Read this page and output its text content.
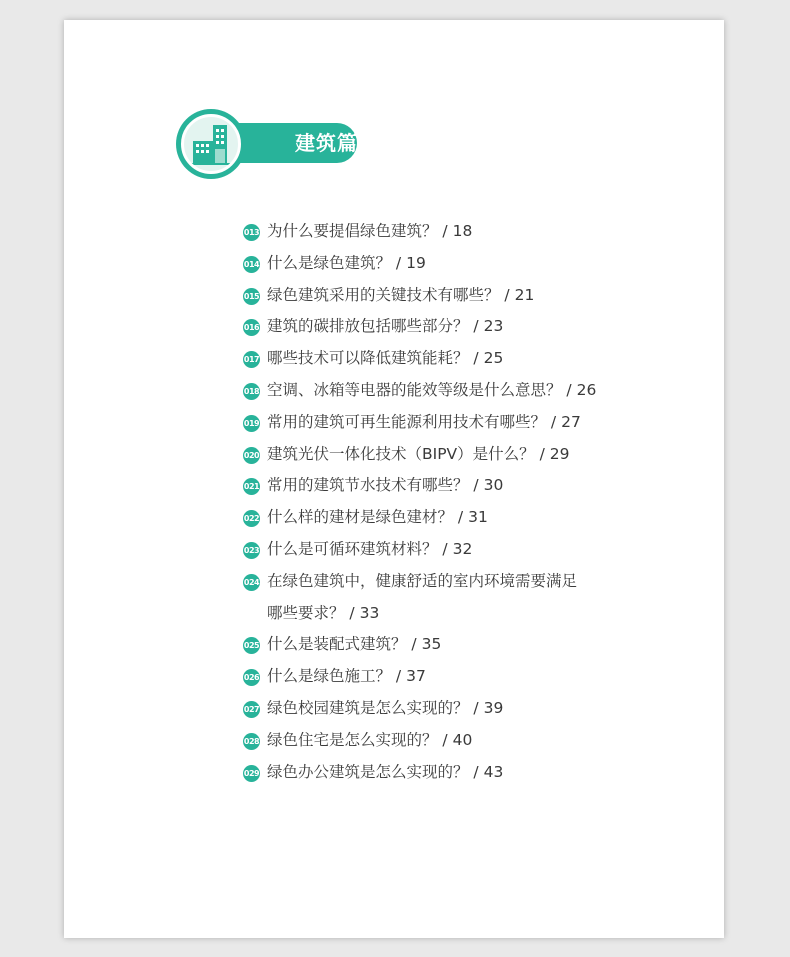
建筑篇
013 为什么要提倡绿色建筑？ / 18
014 什么是绿色建筑？ / 19
015 绿色建筑采用的关键技术有哪些？ / 21
016 建筑的碳排放包括哪些部分？ / 23
017 哪些技术可以降低建筑能耗？ / 25
018 空调、冰箱等电器的能效等级是什么意思？ / 26
019 常用的建筑可再生能源利用技术有哪些？ / 27
020 建筑光伏一体化技术（BIPV）是什么？ / 29
021 常用的建筑节水技术有哪些？ / 30
022 什么样的建材是绿色建材？ / 31
023 什么是可循环建筑材料？ / 32
024 在绿色建筑中，健康舒适的室内环境需要满足
哪些要求？ / 33
025 什么是装配式建筑？ / 35
026 什么是绿色施工？ / 37
027 绿色校园建筑是怎么实现的？ / 39
028 绿色住宅是怎么实现的？ / 40
029 绿色办公建筑是怎么实现的？ / 43
